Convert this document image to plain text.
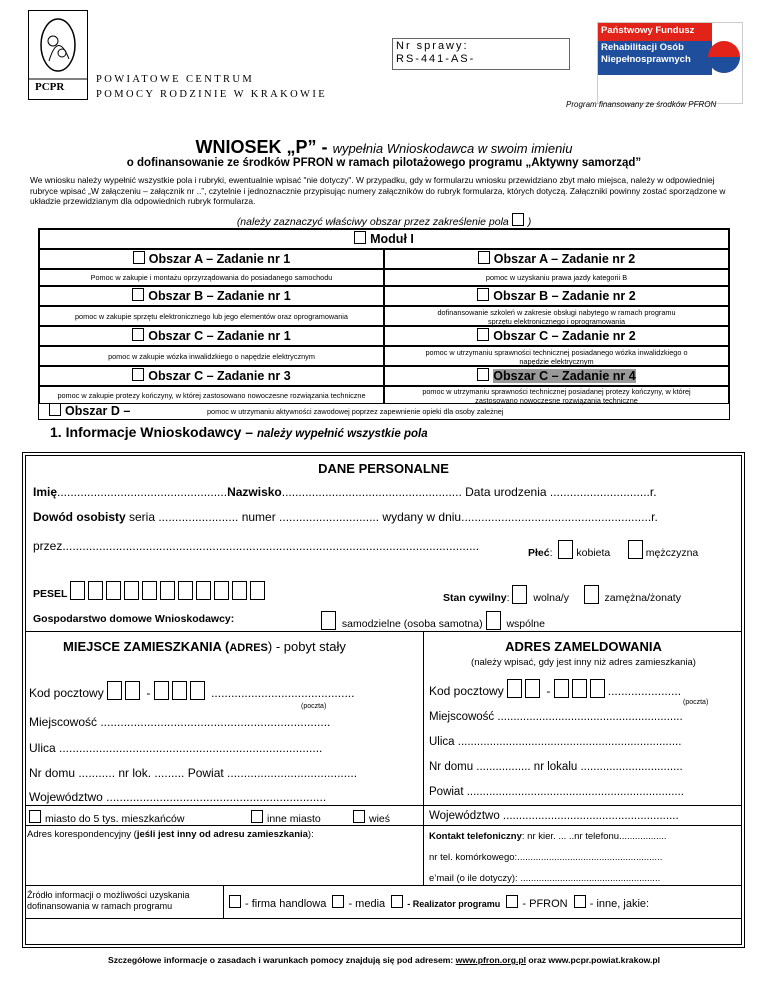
PCPR
POWIATOWE CENTRUM
POMOCY RODZINIE W KRAKOWIE
Nr sprawy:
RS-441-AS-
Państwowy Fundusz
Rehabilitacji Osób Niepełnosprawnych
Program finansowany ze środków PFRON
WNIOSEK „P” - wypełnia Wnioskodawca w swoim imieniu
o dofinansowanie ze środków PFRON w ramach pilotażowego programu „Aktywny samorząd”
We wniosku należy wypełnić wszystkie pola i rubryki, ewentualnie wpisać "nie dotyczy". W przypadku, gdy w formularzu wniosku przewidziano zbyt mało miejsca, należy w odpowiedniej rubryce wpisać „W załączeniu – załącznik nr ..”, czytelnie i jednoznacznie przypisując numery załączników do rubryk formularza, których dotyczą. Załączniki powinny zostać sporządzone w układzie przewidzianym dla odpowiednich rubryk formularza.
(należy zaznaczyć właściwy obszar przez zakreślenie pola )
Moduł I
Obszar A – Zadanie nr 1	Obszar A – Zadanie nr 2
Pomoc w zakupie i montażu oprzyrządowania do posiadanego samochodu	pomoc w uzyskaniu prawa jazdy kategorii B
Obszar B – Zadanie nr 1	Obszar B – Zadanie nr 2
pomoc w zakupie sprzętu elektronicznego lub jego elementów oraz oprogramowania	dofinansowanie szkoleń w zakresie obsługi nabytego w ramach programu sprzętu elektronicznego i oprogramowania
Obszar C – Zadanie nr 1	Obszar C – Zadanie nr 2
pomoc w zakupie wózka inwalidzkiego o napędzie elektrycznym	pomoc w utrzymaniu sprawności technicznej posiadanego wózka inwalidzkiego o napędzie elektrycznym
Obszar C – Zadanie nr 3	Obszar C – Zadanie nr 4
pomoc w zakupie protezy kończyny, w której zastosowano nowoczesne rozwiązania techniczne	pomoc w utrzymaniu sprawności technicznej posiadanej protezy kończyny, w której zastosowano nowoczesne rozwiązania techniczne
Obszar D –	pomoc w utrzymaniu aktywności zawodowej poprzez zapewnienie opieki dla osoby zależnej
1. Informacje Wnioskodawcy – należy wypełnić wszystkie pola
DANE PERSONALNE
Imię...................................................Nazwisko...................................................... Data urodzenia ..............................r.
Dowód osobisty seria ........................ numer .............................. wydany w dniu.........................................................r.
przez.............................................................................................................................	Płeć:  kobieta	mężczyzna
PESEL	Stan cywilny:  wolna/y	zamężna/żonaty
Gospodarstwo domowe Wnioskodawcy:	samodzielne (osoba samotna) wspólne
MIEJSCE ZAMIESZKANIA (ADRES) - pobyt stały
Kod pocztowy	-	...........................................
(poczta)
Miejscowość .....................................................................
Ulica ...............................................................................
Nr domu ........... nr lok. ......... Powiat .......................................
Województwo ..................................................................
miasto do 5 tys. mieszkańców	inne miasto	wieś
Adres korespondencyjny (jeśli jest inny od adresu zamieszkania):
ADRES ZAMELDOWANIA
(należy wpisać, gdy jest inny niż adres zamieszkania)
Kod pocztowy	-	......................
(poczta)
Miejscowość ..........................................................
Ulica ......................................................................
Nr domu ................. nr lokalu ................................
Powiat ....................................................................
Województwo .......................................................
Kontakt telefoniczny: nr kier. ... ..nr telefonu..................
nr tel. komórkowego:.......................................................
e’mail (o ile dotyczy): .....................................................
Źródło informacji o możliwości uzyskania dofinansowania w ramach programu	- firma handlowa - media - Realizator programu - PFRON - inne, jakie:
Szczegółowe informacje o zasadach i warunkach pomocy znajdują się pod adresem: www.pfron.org.pl oraz www.pcpr.powiat.krakow.pl
